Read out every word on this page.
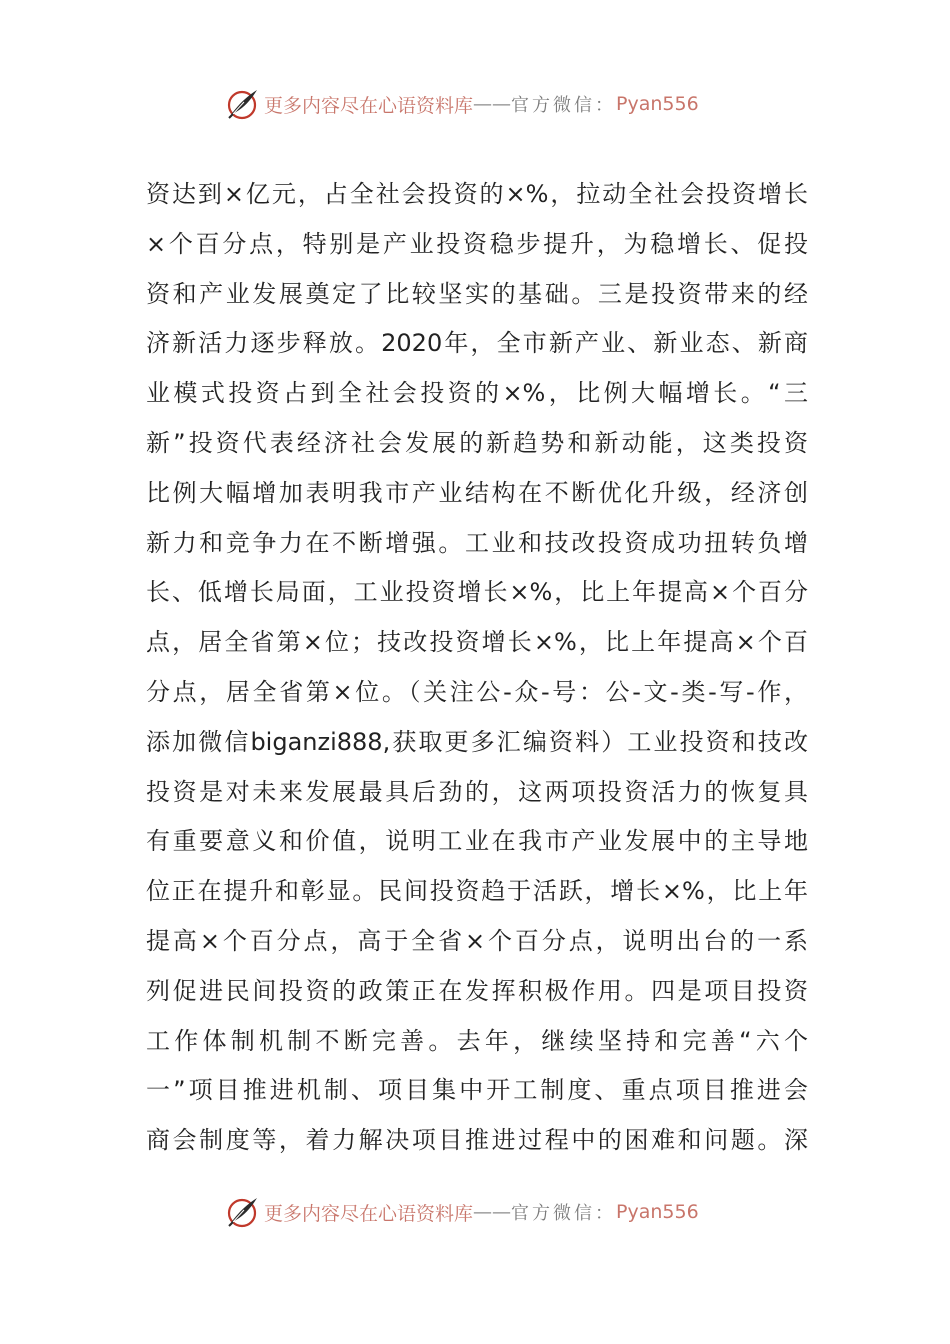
更多内容尽在心语资料库 —— 官方微信： Pyan556
资达到×亿元，占全社会投资的×%，拉动全社会投资增长
×个百分点，特别是产业投资稳步提升，为稳增长、促投
资和产业发展奠定了比较坚实的基础。三是投资带来的经
济新活力逐步释放。2020年，全市新产业、新业态、新商
业模式投资占到全社会投资的×%，比例大幅增长。“三
新”投资代表经济社会发展的新趋势和新动能，这类投资
比例大幅增加表明我市产业结构在不断优化升级，经济创
新力和竞争力在不断增强。工业和技改投资成功扭转负增
长、低增长局面，工业投资增长×%，比上年提高×个百分
点，居全省第×位；技改投资增长×%，比上年提高×个百
分点，居全省第×位。（关注公-众-号：公-文-类-写-作，
添加微信biganzi888,获取更多汇编资料）工业投资和技改
投资是对未来发展最具后劲的，这两项投资活力的恢复具
有重要意义和价值，说明工业在我市产业发展中的主导地
位正在提升和彰显。民间投资趋于活跃，增长×%，比上年
提高×个百分点，高于全省×个百分点，说明出台的一系
列促进民间投资的政策正在发挥积极作用。四是项目投资
工作体制机制不断完善。去年，继续坚持和完善“六个
一”项目推进机制、项目集中开工制度、重点项目推进会
商会制度等，着力解决项目推进过程中的困难和问题。深
更多内容尽在心语资料库 —— 官方微信： Pyan556
